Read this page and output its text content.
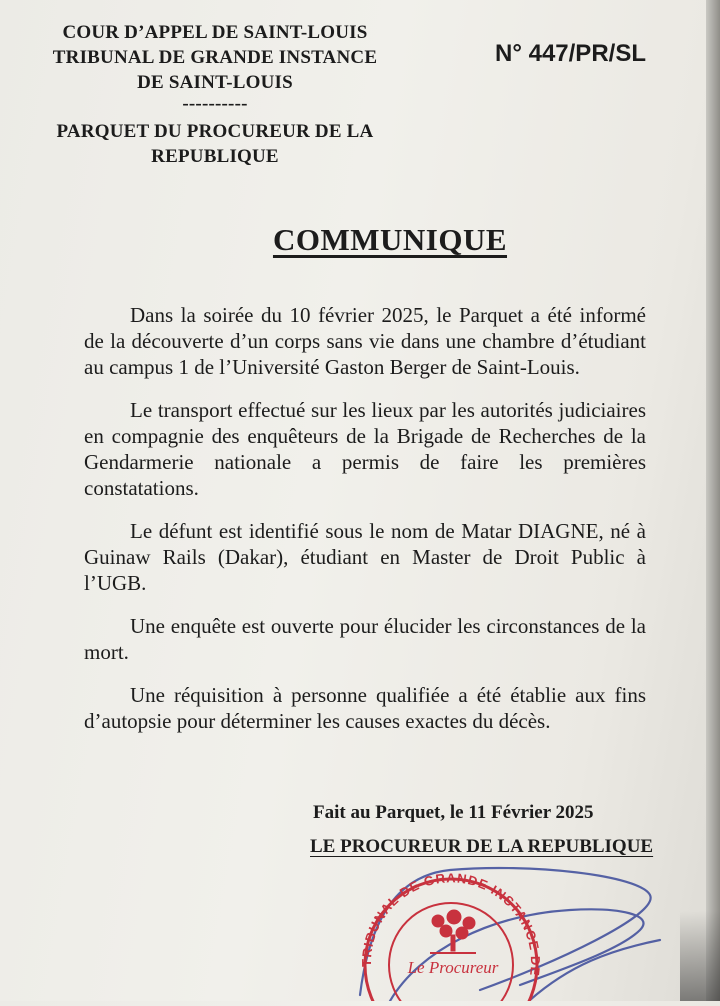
COUR D’APPEL DE SAINT-LOUIS
TRIBUNAL DE GRANDE INSTANCE
DE SAINT-LOUIS
----------
PARQUET DU PROCUREUR DE LA
REPUBLIQUE
N° 447/PR/SL
COMMUNIQUE

Dans la soirée du 10 février 2025, le Parquet a été informé de la découverte d’un corps sans vie dans une chambre d’étudiant au campus 1 de l’Université Gaston Berger de Saint-Louis.

Le transport effectué sur les lieux par les autorités judiciaires en compagnie des enquêteurs de la Brigade de Recherches de la Gendarmerie nationale a permis de faire les premières constatations.

Le défunt est identifié sous le nom de Matar DIAGNE, né à Guinaw Rails (Dakar), étudiant en Master de Droit Public à l’UGB.

Une enquête est ouverte pour élucider les circonstances de la mort.

Une réquisition à personne qualifiée a été établie aux fins d’autopsie pour déterminer les causes exactes du décès.

Fait au Parquet, le 11 Février 2025
LE PROCUREUR DE LA REPUBLIQUE
TRIBUNAL DE GRANDE INSTANCE DE
Le Procureur
